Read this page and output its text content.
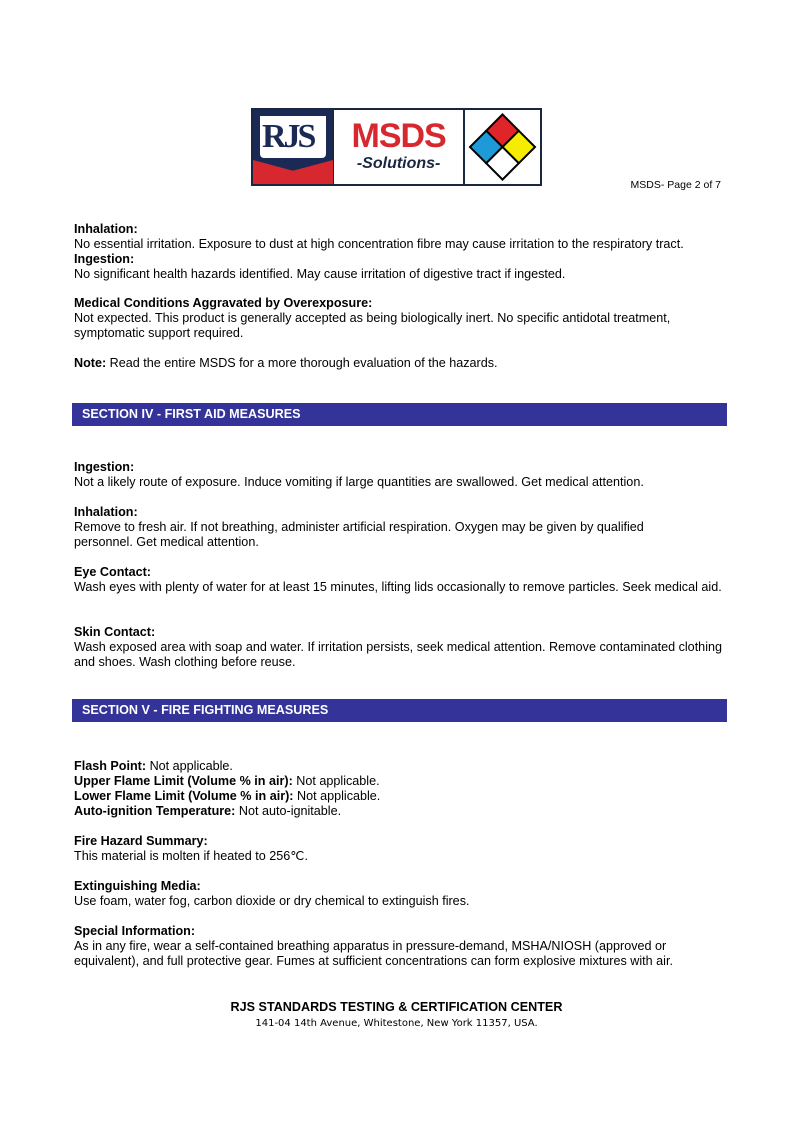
RJS	MSDS
-Solutions-
MSDS- Page 2 of 7

Inhalation:

No essential irritation. Exposure to dust at high concentration fibre may cause irritation to the respiratory tract.

Ingestion:

No significant health hazards identified. May cause irritation of digestive tract if ingested.

Medical Conditions Aggravated by Overexposure:

Not expected. This product is generally accepted as being biologically inert. No specific antidotal treatment, symptomatic support required.

Note: Read the entire MSDS for a more thorough evaluation of the hazards.

SECTION IV - FIRST AID MEASURES

Ingestion:

Not a likely route of exposure. Induce vomiting if large quantities are swallowed. Get medical attention.

Inhalation:

Remove to fresh air. If not breathing, administer artificial respiration. Oxygen may be given by qualified personnel. Get medical attention.

Eye Contact:

Wash eyes with plenty of water for at least 15 minutes, lifting lids occasionally to remove particles. Seek medical aid.

Skin Contact:

Wash exposed area with soap and water. If irritation persists, seek medical attention. Remove contaminated clothing and shoes. Wash clothing before reuse.

SECTION V - FIRE FIGHTING MEASURES

Flash Point: Not applicable.

Upper Flame Limit (Volume % in air): Not applicable.

Lower Flame Limit (Volume % in air): Not applicable.

Auto-ignition Temperature: Not auto-ignitable.

Fire Hazard Summary:

This material is molten if heated to 256℃.

Extinguishing Media:

Use foam, water fog, carbon dioxide or dry chemical to extinguish fires.

Special Information:

As in any fire, wear a self-contained breathing apparatus in pressure-demand, MSHA/NIOSH (approved or equivalent), and full protective gear. Fumes at sufficient concentrations can form explosive mixtures with air.

RJS STANDARDS TESTING & CERTIFICATION CENTER
141-04 14th Avenue, Whitestone, New York 11357, USA.
